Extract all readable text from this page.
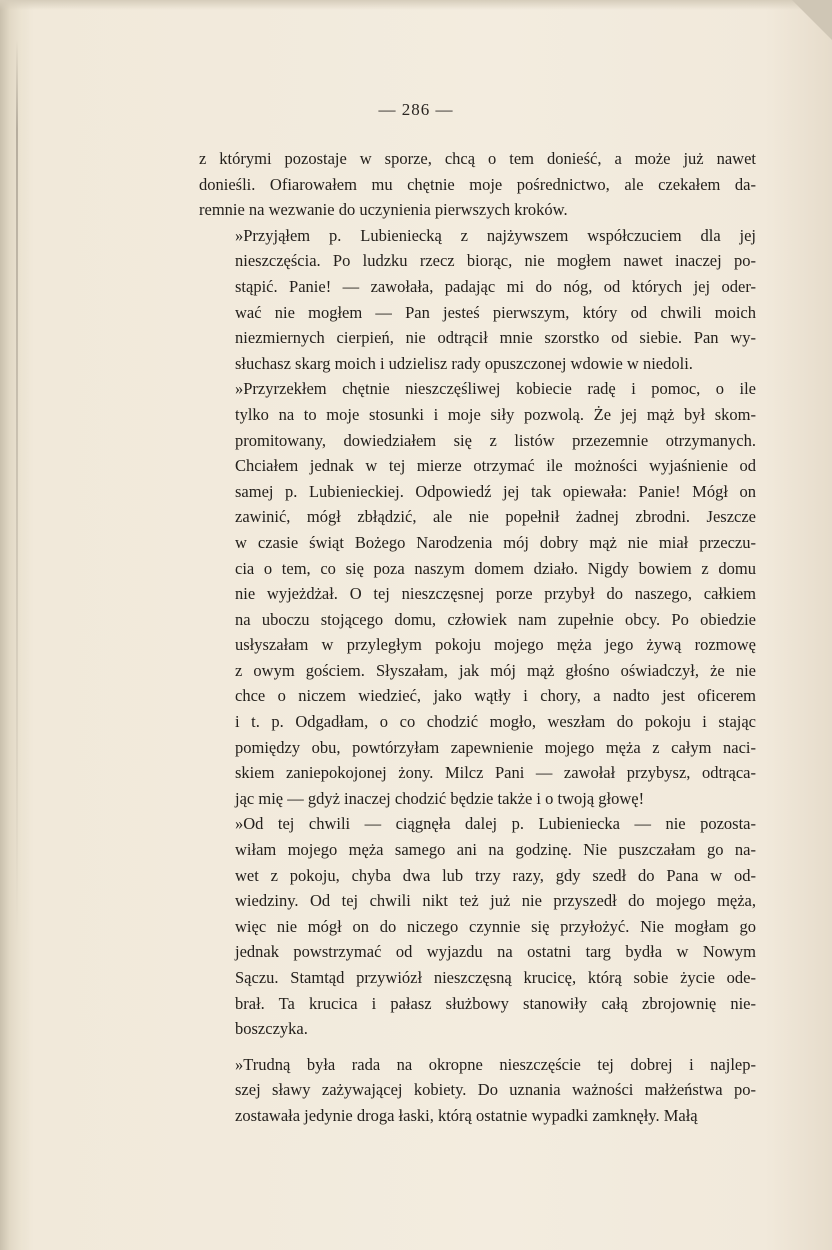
— 286 —
z którymi pozostaje w sporze, chcą o tem donieść, a może już nawet
donieśli. Ofiarowałem mu chętnie moje pośrednictwo, ale czekałem da-
remnie na wezwanie do uczynienia pierwszych kroków.
»Przyjąłem p. Lubieniecką z najżywszem współczuciem dla jej
nieszczęścia. Po ludzku rzecz biorąc, nie mogłem nawet inaczej po-
stąpić. Panie! — zawołała, padając mi do nóg, od których jej oder-
wać nie mogłem — Pan jesteś pierwszym, który od chwili moich
niezmiernych cierpień, nie odtrącił mnie szorstko od siebie. Pan wy-
słuchasz skarg moich i udzielisz rady opuszczonej wdowie w niedoli.
»Przyrzekłem chętnie nieszczęśliwej kobiecie radę i pomoc, o ile
tylko na to moje stosunki i moje siły pozwolą. Że jej mąż był skom-
promitowany, dowiedziałem się z listów przezemnie otrzymanych.
Chciałem jednak w tej mierze otrzymać ile możności wyjaśnienie od
samej p. Lubienieckiej. Odpowiedź jej tak opiewała: Panie! Mógł on
zawinić, mógł zbłądzić, ale nie popełnił żadnej zbrodni. Jeszcze
w czasie świąt Bożego Narodzenia mój dobry mąż nie miał przeczu-
cia o tem, co się poza naszym domem działo. Nigdy bowiem z domu
nie wyjeżdżał. O tej nieszczęsnej porze przybył do naszego, całkiem
na uboczu stojącego domu, człowiek nam zupełnie obcy. Po obiedzie
usłyszałam w przyległym pokoju mojego męża jego żywą rozmowę
z owym gościem. Słyszałam, jak mój mąż głośno oświadczył, że nie
chce o niczem wiedzieć, jako wątły i chory, a nadto jest oficerem
i t. p. Odgadłam, o co chodzić mogło, weszłam do pokoju i stając
pomiędzy obu, powtórzyłam zapewnienie mojego męża z całym naci-
skiem zaniepokojonej żony. Milcz Pani — zawołał przybysz, odtrąca-
jąc mię — gdyż inaczej chodzić będzie także i o twoją głowę!
»Od tej chwili — ciągnęła dalej p. Lubieniecka — nie pozosta-
wiłam mojego męża samego ani na godzinę. Nie puszczałam go na-
wet z pokoju, chyba dwa lub trzy razy, gdy szedł do Pana w od-
wiedziny. Od tej chwili nikt też już nie przyszedł do mojego męża,
więc nie mógł on do niczego czynnie się przyłożyć. Nie mogłam go
jednak powstrzymać od wyjazdu na ostatni targ bydła w Nowym
Sączu. Stamtąd przywiózł nieszczęsną krucicę, którą sobie życie ode-
brał. Ta krucica i pałasz służbowy stanowiły całą zbrojownię nie-
boszczyka.
»Trudną była rada na okropne nieszczęście tej dobrej i najlep-
szej sławy zażywającej kobiety. Do uznania ważności małżeństwa po-
zostawała jedynie droga łaski, którą ostatnie wypadki zamknęły. Małą
